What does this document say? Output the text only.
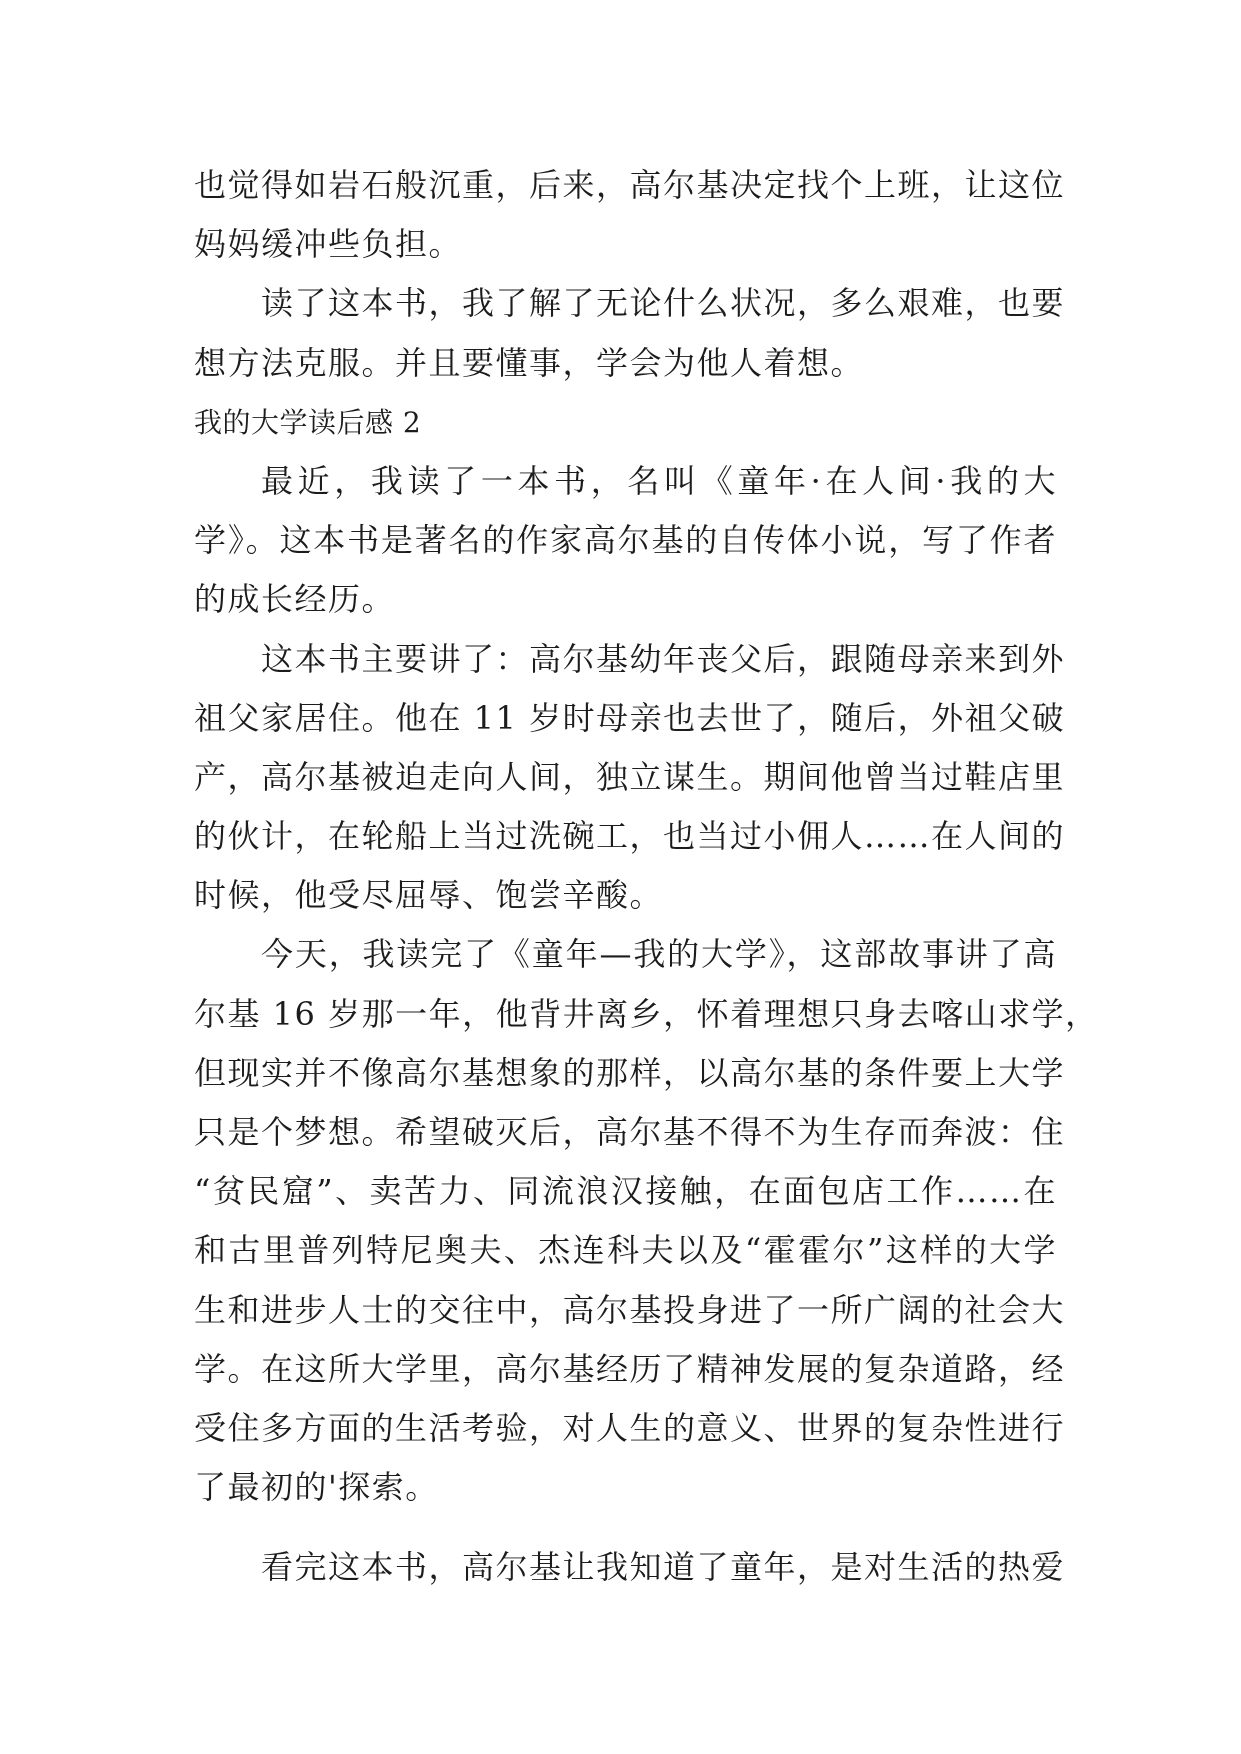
也觉得如岩石般沉重，后来，高尔基决定找个上班，让这位
妈妈缓冲些负担。
读了这本书，我了解了无论什么状况，多么艰难，也要
想方法克服。并且要懂事，学会为他人着想。
我的大学读后感 2
最近，我读了一本书，名叫《童年·在人间·我的大
学》。这本书是著名的作家高尔基的自传体小说，写了作者
的成长经历。
这本书主要讲了：高尔基幼年丧父后，跟随母亲来到外
祖父家居住。他在 11 岁时母亲也去世了，随后，外祖父破
产，高尔基被迫走向人间，独立谋生。期间他曾当过鞋店里
的伙计，在轮船上当过洗碗工，也当过小佣人……在人间的
时候，他受尽屈辱、饱尝辛酸。
今天，我读完了《童年—我的大学》，这部故事讲了高
尔基 16 岁那一年，他背井离乡，怀着理想只身去喀山求学，
但现实并不像高尔基想象的那样，以高尔基的条件要上大学
只是个梦想。希望破灭后，高尔基不得不为生存而奔波：住
“贫民窟”、卖苦力、同流浪汉接触，在面包店工作……在
和古里普列特尼奥夫、杰连科夫以及“霍霍尔”这样的大学
生和进步人士的交往中，高尔基投身进了一所广阔的社会大
学。在这所大学里，高尔基经历了精神发展的复杂道路，经
受住多方面的生活考验，对人生的意义、世界的复杂性进行
了最初的'探索。
看完这本书，高尔基让我知道了童年，是对生活的热爱
